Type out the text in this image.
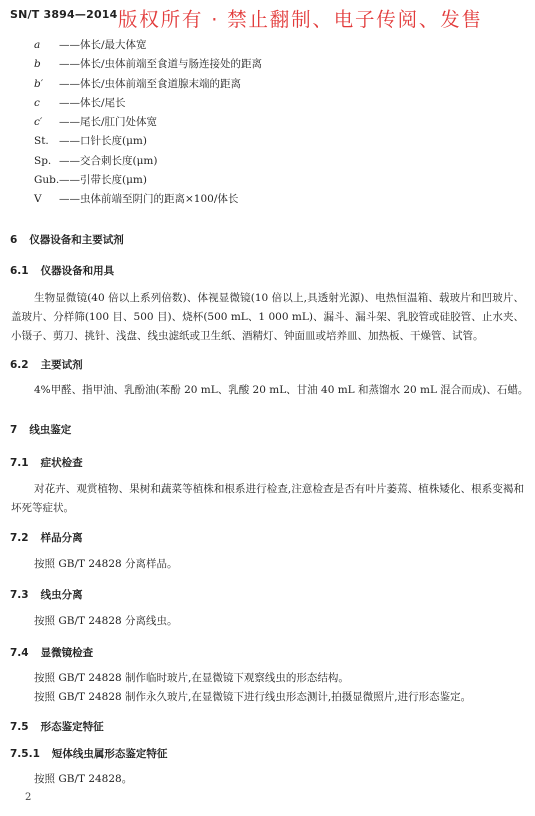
SN/T 3894—2014 版权所有 · 禁止翻制、电子传阅、发售
a ——体长/最大体宽
b ——体长/虫体前端至食道与肠连接处的距离
b′ ——体长/虫体前端至食道腺末端的距离
c ——体长/尾长
c′ ——尾长/肛门处体宽
St. ——口针长度(μm)
Sp. ——交合刺长度(μm)
Gub.——引带长度(μm)
V ——虫体前端至阴门的距离×100/体长
6 仪器设备和主要试剂
6.1 仪器设备和用具
生物显微镜(40 倍以上系列倍数)、体视显微镜(10 倍以上,具透射光源)、电热恒温箱、载玻片和凹玻片、盖玻片、分样筛(100 目、500 目)、烧杯(500 mL、1 000 mL)、漏斗、漏斗架、乳胶管或硅胶管、止水夹、小镊子、剪刀、挑针、浅盘、线虫滤纸或卫生纸、酒精灯、钟面皿或培养皿、加热板、干燥管、试管。
6.2 主要试剂
4%甲醛、指甲油、乳酚油(苯酚 20 mL、乳酸 20 mL、甘油 40 mL 和蒸馏水 20 mL 混合而成)、石蜡。
7 线虫鉴定
7.1 症状检查
对花卉、观赏植物、果树和蔬菜等植株和根系进行检查,注意检查是否有叶片萎蔫、植株矮化、根系变褐和坏死等症状。
7.2 样品分离
按照 GB/T 24828 分离样品。
7.3 线虫分离
按照 GB/T 24828 分离线虫。
7.4 显微镜检查
按照 GB/T 24828 制作临时玻片,在显微镜下观察线虫的形态结构。
按照 GB/T 24828 制作永久玻片,在显微镜下进行线虫形态测计,拍摄显微照片,进行形态鉴定。
7.5 形态鉴定特征
7.5.1 短体线虫属形态鉴定特征
按照 GB/T 24828。
2
